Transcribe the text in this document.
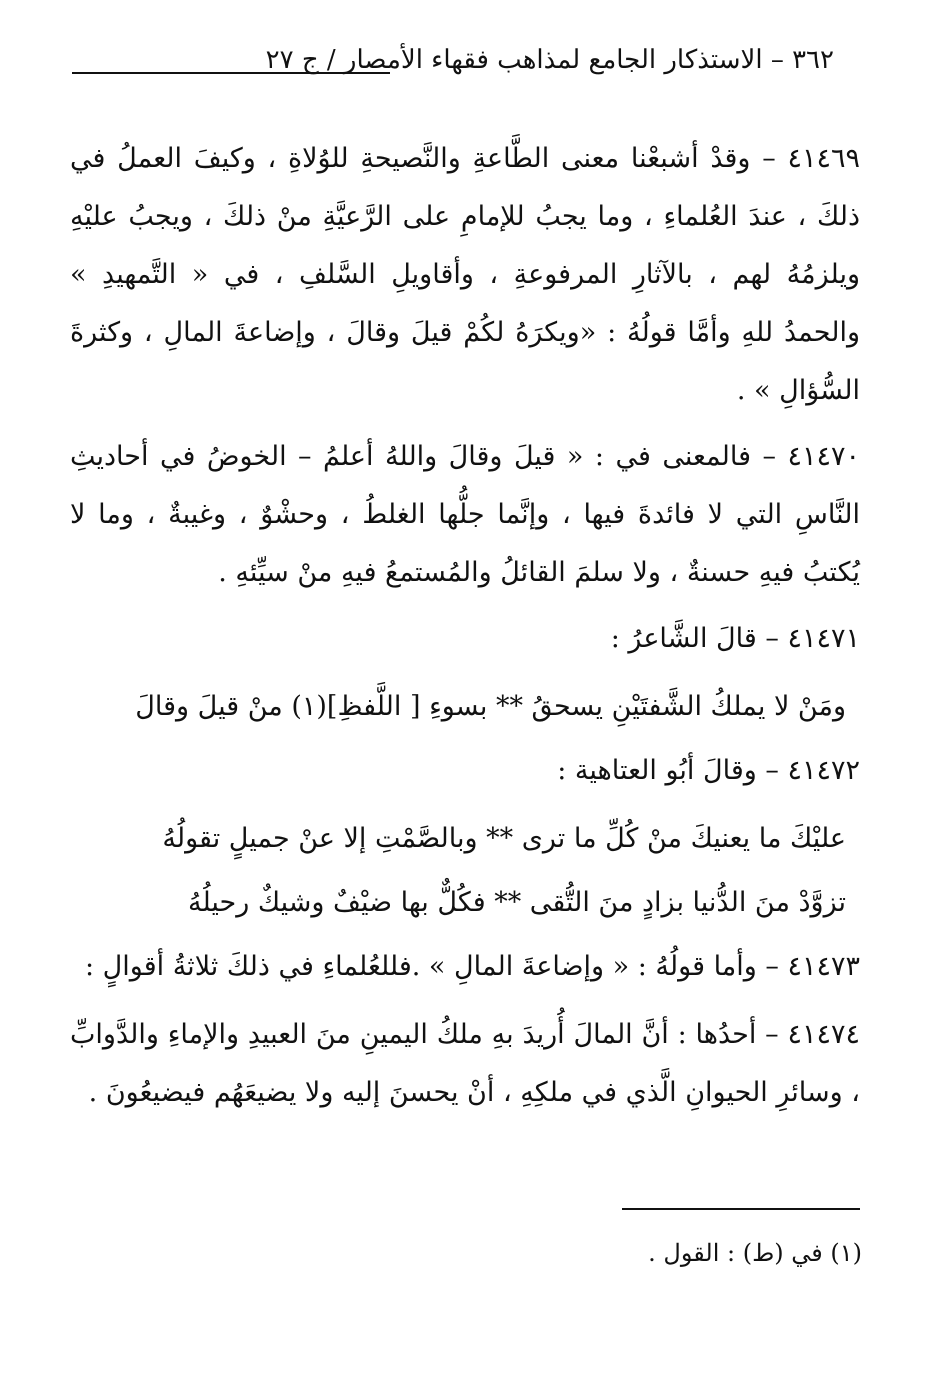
٣٦٢ – الاستذكار الجامع لمذاهب فقهاء الأمصار / ج ٢٧

٤١٤٦٩ – وقدْ أشبعْنا معنى الطَّاعةِ والنَّصيحةِ للوُلاةِ ، وكيفَ العملُ في ذلكَ ، عندَ العُلماءِ ، وما يجبُ للإمامِ على الرَّعيَّةِ منْ ذلكَ ، ويجبُ عليْهِ ويلزمُهُ لهم ، بالآثارِ المرفوعةِ ، وأقاويلِ السَّلفِ ، في « التَّمهيدِ » والحمدُ للهِ وأمَّا قولُهُ : «ويكرَهُ لكُمْ قيلَ وقالَ ، وإضاعةَ المالِ ، وكثرةَ السُّؤالِ » .

٤١٤٧٠ – فالمعنى في : « قيلَ وقالَ واللهُ أعلمُ – الخوضُ في أحاديثِ النَّاسِ التي لا فائدةَ فيها ، وإنَّما جلُّها الغلطُ ، وحشْوٌ ، وغيبةٌ ، وما لا يُكتبُ فيهِ حسنةٌ ، ولا سلمَ القائلُ والمُستمعُ فيهِ منْ سيِّئهِ .

٤١٤٧١ – قالَ الشَّاعرُ :

ومَنْ لا يملكُ الشَّفتَيْنِ يسحقُ ** بسوءِ [ اللَّفظِ](١) منْ قيلَ وقالَ

٤١٤٧٢ – وقالَ أبُو العتاهية :

عليْكَ ما يعنيكَ منْ كُلِّ ما ترى ** وبالصَّمْتِ إلا عنْ جميلٍ تقولُهُ

تزوَّدْ منَ الدُّنيا بزادٍ منَ التُّقى ** فكُلٌّ بها ضيْفٌ وشيكٌ رحيلُهُ

٤١٤٧٣ – وأما قولُهُ : « وإضاعةَ المالِ » .فللعُلماءِ في ذلكَ ثلاثةُ أقوالٍ :

٤١٤٧٤ – أحدُها : أنَّ المالَ أُريدَ بهِ ملكُ اليمينِ منَ العبيدِ والإماءِ والدَّوابِّ ، وسائرِ الحيوانِ الَّذي في ملكِهِ ، أنْ يحسنَ إليه ولا يضيعَهُم فيضيعُونَ .

(١) في (ط) : القول .
